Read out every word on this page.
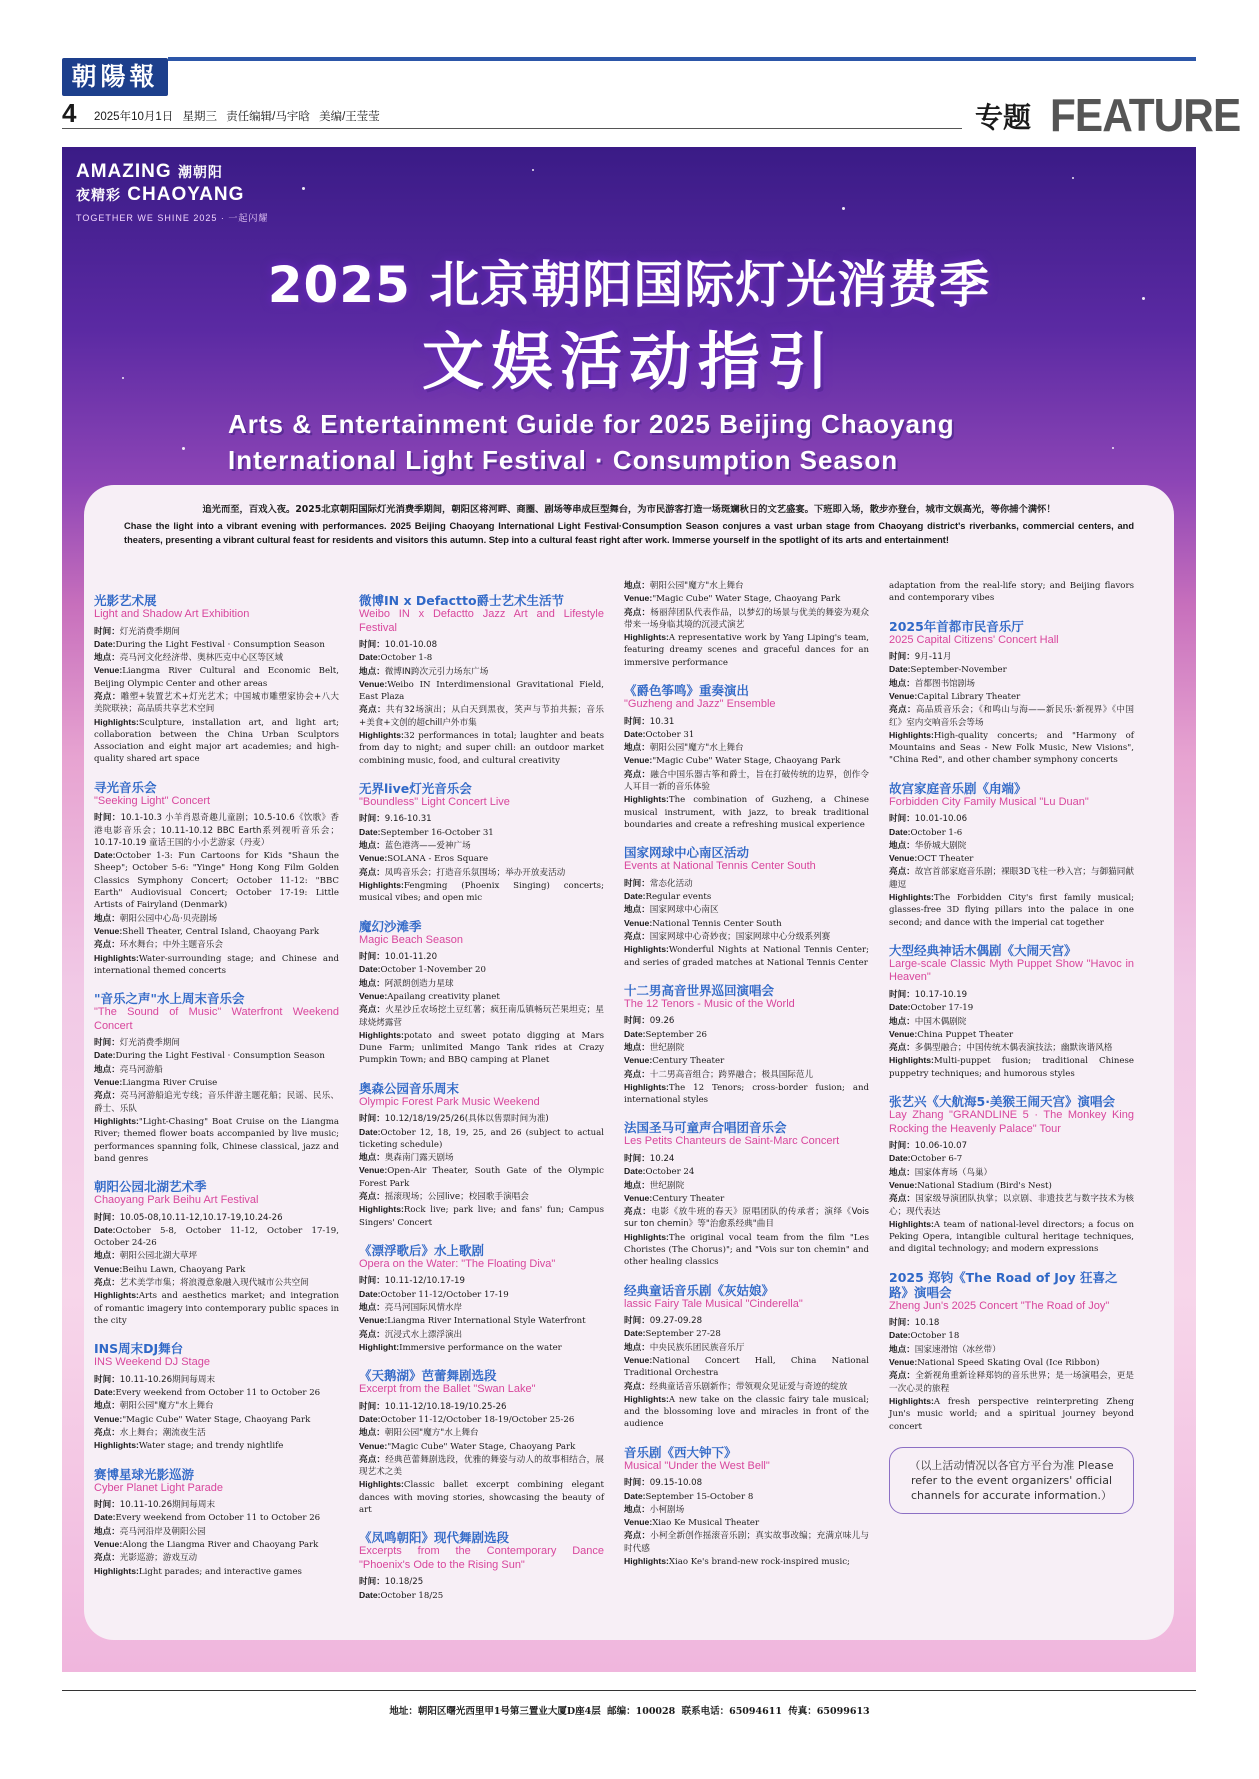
朝陽報
4 2025年10月1日 星期三 责任编辑/马宇晗 美编/王莹莹	专题 FEATURE
AMAZING 潮朝阳
夜精彩 CHAOYANG
TOGETHER WE SHINE 2025 · 一起闪耀
2025 北京朝阳国际灯光消费季
文娱活动指引
Arts & Entertainment Guide for 2025 Beijing Chaoyang
International Light Festival · Consumption Season
追光而至，百戏入夜。2025北京朝阳国际灯光消费季期间，朝阳区将河畔、商圈、剧场等串成巨型舞台，为市民游客打造一场斑斓秋日的文艺盛宴。下班即入场，散步亦登台，城市文娱高光，等你捕个满怀！
Chase the light into a vibrant evening with performances. 2025 Beijing Chaoyang International Light Festival·Consumption Season conjures a vast urban stage from Chaoyang district's riverbanks, commercial centers, and theaters, presenting a vibrant cultural feast for residents and visitors this autumn. Step into a cultural feast right after work. Immerse yourself in the spotlight of its arts and entertainment!
光影艺术展
Light and Shadow Art Exhibition
时间：灯光消费季期间
Date:During the Light Festival · Consumption Season
地点：亮马河文化经济带、奥林匹克中心区等区域
Venue:Liangma River Cultural and Economic Belt, Beijing Olympic Center and other areas
亮点：雕塑+装置艺术+灯光艺术；中国城市雕塑家协会+八大美院联袂；高品质共享艺术空间
Highlights:Sculpture, installation art, and light art; collaboration between the China Urban Sculptors Association and eight major art academies; and high-quality shared art space
寻光音乐会
"Seeking Light" Concert
时间：10.1-10.3 小羊肖恩奇趣儿童剧；10.5-10.6《饮歌》香港电影音乐会；10.11-10.12 BBC Earth系列视听音乐会；10.17-10.19 童话王国的小小艺游家（丹麦）
Date:October 1-3: Fun Cartoons for Kids "Shaun the Sheep"; October 5-6: "Yinge" Hong Kong Film Golden Classics Symphony Concert; October 11-12: "BBC Earth" Audiovisual Concert; October 17-19: Little Artists of Fairyland (Denmark)
地点：朝阳公园中心岛·贝壳剧场
Venue:Shell Theater, Central Island, Chaoyang Park
亮点：环水舞台；中外主题音乐会
Highlights:Water-surrounding stage; and Chinese and international themed concerts
"音乐之声"水上周末音乐会
"The Sound of Music" Waterfront Weekend Concert
时间：灯光消费季期间
Date:During the Light Festival · Consumption Season
地点：亮马河游船
Venue:Liangma River Cruise
亮点：亮马河游船追光专线；音乐伴游主题花船；民谣、民乐、爵士、乐队
Highlights:"Light-Chasing" Boat Cruise on the Liangma River; themed flower boats accompanied by live music; performances spanning folk, Chinese classical, jazz and band genres
朝阳公园北湖艺术季
Chaoyang Park Beihu Art Festival
时间：10.05-08,10.11-12,10.17-19,10.24-26
Date:October 5-8, October 11-12, October 17-19, October 24-26
地点：朝阳公园北湖大草坪
Venue:Beihu Lawn, Chaoyang Park
亮点：艺术美学市集；将浪漫意象融入现代城市公共空间
Highlights:Arts and aesthetics market; and integration of romantic imagery into contemporary public spaces in the city
INS周末DJ舞台
INS Weekend DJ Stage
时间：10.11-10.26期间每周末
Date:Every weekend from October 11 to October 26
地点：朝阳公园"魔方"水上舞台
Venue:"Magic Cube" Water Stage, Chaoyang Park
亮点：水上舞台；潮流夜生活
Highlights:Water stage; and trendy nightlife
赛博星球光影巡游
Cyber Planet Light Parade
时间：10.11-10.26期间每周末
Date:Every weekend from October 11 to October 26
地点：亮马河沿岸及朝阳公园
Venue:Along the Liangma River and Chaoyang Park
亮点：光影巡游；游戏互动
Highlights:Light parades; and interactive games
微博IN x Defactto爵士艺术生活节
Weibo IN x Defactto Jazz Art and Lifestyle Festival
时间：10.01-10.08
Date:October 1-8
地点：微博IN跨次元引力场东广场
Venue:Weibo IN Interdimensional Gravitational Field, East Plaza
亮点：共有32场演出；从白天到黑夜，笑声与节拍共振；音乐+美食+文创的超chill户外市集
Highlights:32 performances in total; laughter and beats from day to night; and super chill: an outdoor market combining music, food, and cultural creativity
无界live灯光音乐会
"Boundless" Light Concert Live
时间：9.16-10.31
Date:September 16-October 31
地点：蓝色港湾——爱神广场
Venue:SOLANA - Eros Square
亮点：凤鸣音乐会；打造音乐氛围场；举办开放麦活动
Highlights:Fengming (Phoenix Singing) concerts; musical vibes; and open mic
魔幻沙滩季
Magic Beach Season
时间：10.01-11.20
Date:October 1-November 20
地点：阿派朗创造力星球
Venue:Apailang creativity planet
亮点：火星沙丘农场挖土豆红薯；疯狂南瓜镇畅玩芒果坦克；星球烧烤露营
Highlights:potato and sweet potato digging at Mars Dune Farm; unlimited Mango Tank rides at Crazy Pumpkin Town; and BBQ camping at Planet
奥森公园音乐周末
Olympic Forest Park Music Weekend
时间：10.12/18/19/25/26(具体以售票时间为准)
Date:October 12, 18, 19, 25, and 26 (subject to actual ticketing schedule)
地点：奥森南门露天剧场
Venue:Open-Air Theater, South Gate of the Olympic Forest Park
亮点：摇滚现场；公园live；校园歌手演唱会
Highlights:Rock live; park live; and fans' fun; Campus Singers' Concert
《漂浮歌后》水上歌剧
Opera on the Water: "The Floating Diva"
时间：10.11-12/10.17-19
Date:October 11-12/October 17-19
地点：亮马河国际风情水岸
Venue:Liangma River International Style Waterfront
亮点：沉浸式水上漂浮演出
Highlight:Immersive performance on the water
《天鹅湖》芭蕾舞剧选段
Excerpt from the Ballet "Swan Lake"
时间：10.11-12/10.18-19/10.25-26
Date:October 11-12/October 18-19/October 25-26
地点：朝阳公园"魔方"水上舞台
Venue:"Magic Cube" Water Stage, Chaoyang Park
亮点：经典芭蕾舞剧选段，优雅的舞姿与动人的故事相结合，展现艺术之美
Highlights:Classic ballet excerpt combining elegant dances with moving stories, showcasing the beauty of art
《凤鸣朝阳》现代舞剧选段
Excerpts from the Contemporary Dance "Phoenix's Ode to the Rising Sun"
时间：10.18/25
Date:October 18/25
地点：朝阳公园"魔方"水上舞台
Venue:"Magic Cube" Water Stage, Chaoyang Park
亮点：杨丽萍团队代表作品，以梦幻的场景与优美的舞姿为观众带来一场身临其境的沉浸式演艺
Highlights:A representative work by Yang Liping's team, featuring dreamy scenes and graceful dances for an immersive performance
《爵色筝鸣》重奏演出
"Guzheng and Jazz" Ensemble
时间：10.31
Date:October 31
地点：朝阳公园"魔方"水上舞台
Venue:"Magic Cube" Water Stage, Chaoyang Park
亮点：融合中国乐器古筝和爵士，旨在打破传统的边界，创作令人耳目一新的音乐体验
Highlights:The combination of Guzheng, a Chinese musical instrument, with jazz, to break traditional boundaries and create a refreshing musical experience
国家网球中心南区活动
Events at National Tennis Center South
时间：常态化活动
Date:Regular events
地点：国家网球中心南区
Venue:National Tennis Center South
亮点：国家网球中心奇妙夜；国家网球中心分级系列赛
Highlights:Wonderful Nights at National Tennis Center; and series of graded matches at National Tennis Center
十二男高音世界巡回演唱会
The 12 Tenors - Music of the World
时间：09.26
Date:September 26
地点：世纪剧院
Venue:Century Theater
亮点：十二男高音组合；跨界融合；极具国际范儿
Highlights:The 12 Tenors; cross-border fusion; and international styles
法国圣马可童声合唱团音乐会
Les Petits Chanteurs de Saint-Marc Concert
时间：10.24
Date:October 24
地点：世纪剧院
Venue:Century Theater
亮点：电影《放牛班的春天》原唱团队的传承者；演绎《Vois sur ton chemin》等"治愈系经典"曲目
Highlights:The original vocal team from the film "Les Choristes (The Chorus)"; and "Vois sur ton chemin" and other healing classics
经典童话音乐剧《灰姑娘》
lassic Fairy Tale Musical "Cinderella"
时间：09.27-09.28
Date:September 27-28
地点：中央民族乐团民族音乐厅
Venue:National Concert Hall, China National Traditional Orchestra
亮点：经典童话音乐剧新作；带领观众见证爱与奇迹的绽放
Highlights:A new take on the classic fairy tale musical; and the blossoming love and miracles in front of the audience
音乐剧《西大钟下》
Musical "Under the West Bell"
时间：09.15-10.08
Date:September 15-October 8
地点：小柯剧场
Venue:Xiao Ke Musical Theater
亮点：小柯全新创作摇滚音乐剧；真实故事改编；充满京味儿与时代感
Highlights:Xiao Ke's brand-new rock-inspired music;
adaptation from the real-life story; and Beijing flavors and contemporary vibes
2025年首都市民音乐厅
2025 Capital Citizens' Concert Hall
时间：9月-11月
Date:September-November
地点：首都图书馆剧场
Venue:Capital Library Theater
亮点：高品质音乐会；《和鸣山与海——新民乐·新视界》《中国红》室内交响音乐会等场
Highlights:High-quality concerts; and "Harmony of Mountains and Seas - New Folk Music, New Visions", "China Red", and other chamber symphony concerts
故宫家庭音乐剧《甪端》
Forbidden City Family Musical "Lu Duan"
时间：10.01-10.06
Date:October 1-6
地点：华侨城大剧院
Venue:OCT Theater
亮点：故宫首部家庭音乐剧；裸眼3D飞柱一秒入宫；与御猫同献趣逗
Highlights:The Forbidden City's first family musical; glasses-free 3D flying pillars into the palace in one second; and dance with the imperial cat together
大型经典神话木偶剧《大闹天宫》
Large-scale Classic Myth Puppet Show "Havoc in Heaven"
时间：10.17-10.19
Date:October 17-19
地点：中国木偶剧院
Venue:China Puppet Theater
亮点：多偶型融合；中国传统木偶表演技法；幽默诙谐风格
Highlights:Multi-puppet fusion; traditional Chinese puppetry techniques; and humorous styles
张艺兴《大航海5·美猴王闹天宫》演唱会
Lay Zhang "GRANDLINE 5 · The Monkey King Rocking the Heavenly Palace" Tour
时间：10.06-10.07
Date:October 6-7
地点：国家体育场（鸟巢）
Venue:National Stadium (Bird's Nest)
亮点：国家级导演团队执掌；以京剧、非遗技艺与数字技术为核心；现代表达
Highlights:A team of national-level directors; a focus on Peking Opera, intangible cultural heritage techniques, and digital technology; and modern expressions
2025 郑钧《The Road of Joy 狂喜之路》演唱会
Zheng Jun's 2025 Concert "The Road of Joy"
时间：10.18
Date:October 18
地点：国家速滑馆（冰丝带）
Venue:National Speed Skating Oval (Ice Ribbon)
亮点：全新视角重新诠释郑钧的音乐世界；是一场演唱会，更是一次心灵的旅程
Highlights:A fresh perspective reinterpreting Zheng Jun's music world; and a spiritual journey beyond concert
（以上活动情况以各官方平台为准 Please refer to the event organizers' official channels for accurate information.）
地址：朝阳区曙光西里甲1号第三置业大厦D座4层 邮编：100028 联系电话：65094611 传真：65099613
